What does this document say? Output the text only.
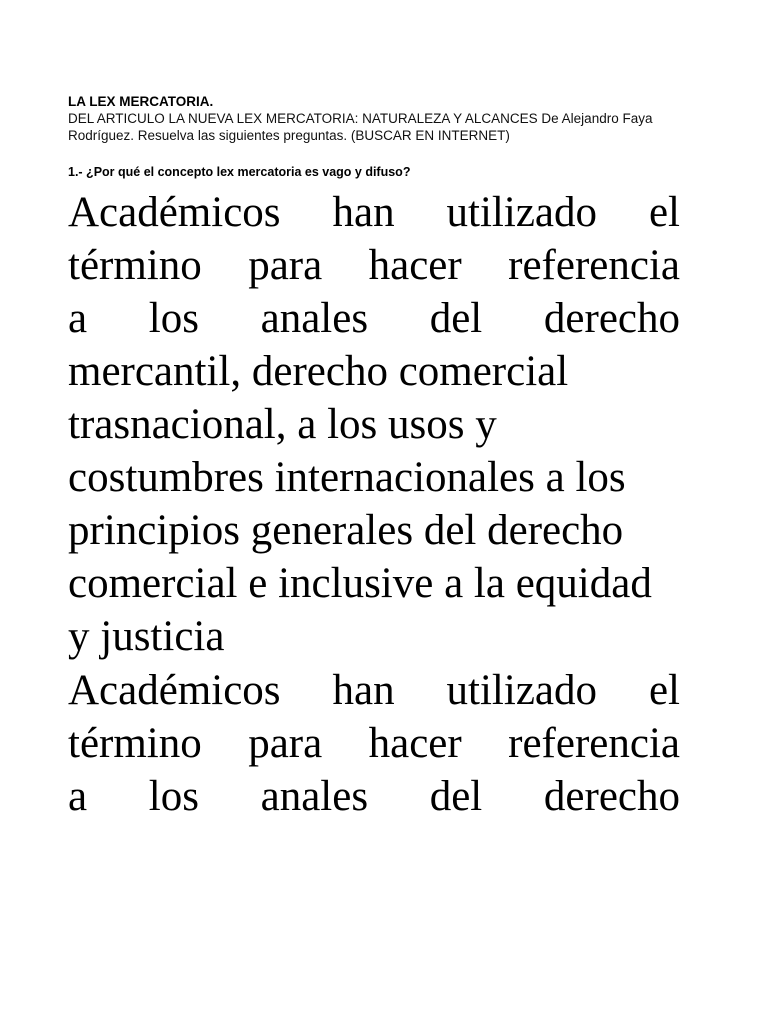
LA LEX MERCATORIA.
DEL ARTICULO LA NUEVA LEX MERCATORIA: NATURALEZA Y ALCANCES De Alejandro Faya Rodríguez. Resuelva las siguientes preguntas. (BUSCAR EN INTERNET)
1.- ¿Por qué el concepto lex mercatoria es vago y difuso?
Académicos han utilizado el
término para hacer referencia
a los anales del derecho
mercantil, derecho comercial
trasnacional, a los usos y
costumbres internacionales a los
principios generales del derecho
comercial e inclusive a la equidad
y justicia
Académicos han utilizado el
término para hacer referencia
a los anales del derecho
